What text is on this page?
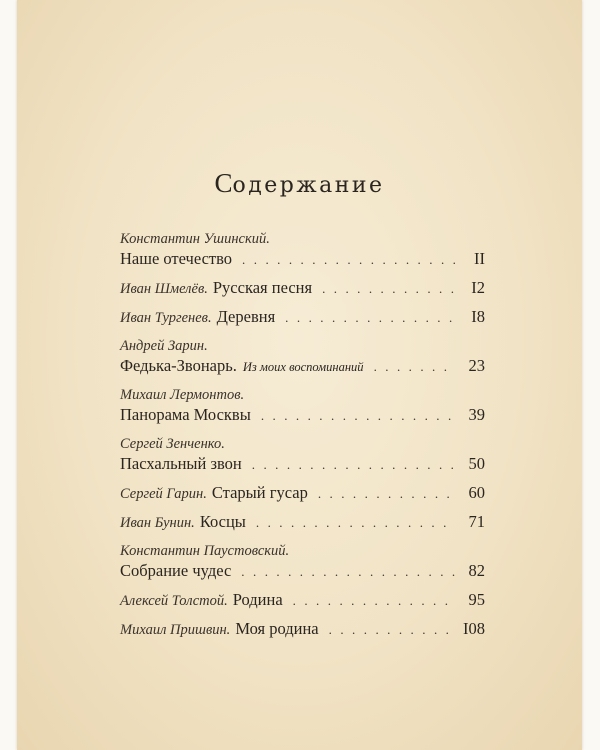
Содержание
Константин Ушинский.
Наше отечество . . .	II
Иван Шмелёв. Русская песня . . .	I2
Иван Тургенев. Деревня . . .	I8
Андрей Зарин.
Федька-Звонарь. Из моих воспоминаний . . .	23
Михаил Лермонтов.
Панорама Москвы . . .	39
Сергей Зенченко.
Пасхальный звон . . .	50
Сергей Гарин. Старый гусар . . .	60
Иван Бунин. Косцы . . .	71
Константин Паустовский.
Собрание чудес . . .	82
Алексей Толстой. Родина . . .	95
Михаил Пришвин. Моя родина . . .	I08
